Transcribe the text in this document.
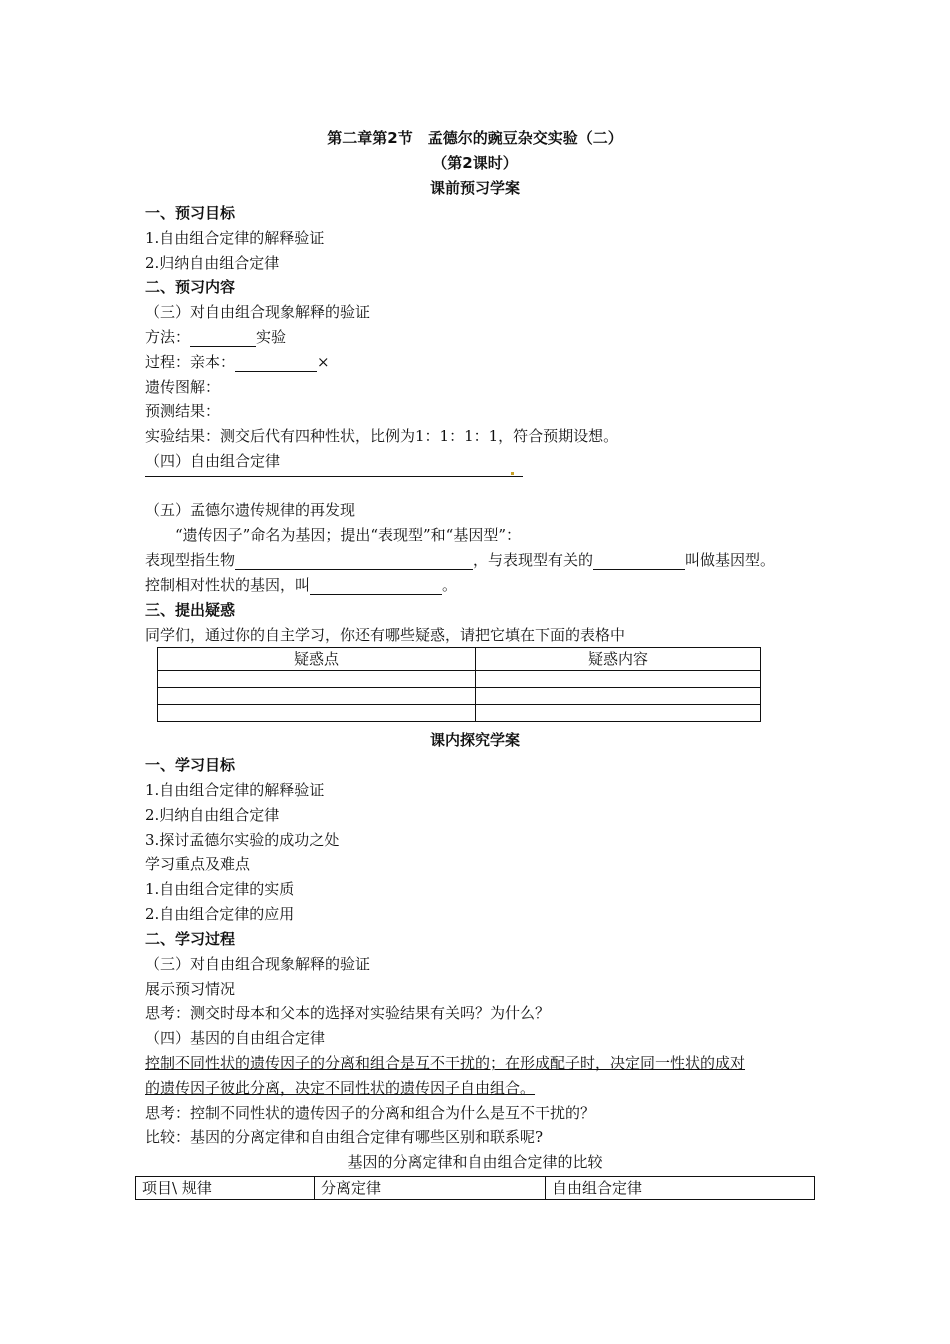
第二章第2节　孟德尔的豌豆杂交实验（二）
（第2课时）
课前预习学案
一、预习目标
1.自由组合定律的解释验证
2.归纳自由组合定律
二、预习内容
（三）对自由组合现象解释的验证
方法：	实验
过程：亲本：	×
遗传图解：
预测结果：
实验结果：测交后代有四种性状，比例为1：1：1：1，符合预期设想。
（四）自由组合定律
（五）孟德尔遗传规律的再发现
“遗传因子”命名为基因；提出“表现型”和“基因型”：
表现型指生物	，与表现型有关的	叫做基因型。
控制相对性状的基因，叫	。
三、提出疑惑
同学们，通过你的自主学习，你还有哪些疑惑，请把它填在下面的表格中
疑惑点	疑惑内容

课内探究学案
一、学习目标
1.自由组合定律的解释验证
2.归纳自由组合定律
3.探讨孟德尔实验的成功之处
学习重点及难点
1.自由组合定律的实质
2.自由组合定律的应用
二、学习过程
（三）对自由组合现象解释的验证
展示预习情况
思考：测交时母本和父本的选择对实验结果有关吗？为什么？
（四）基因的自由组合定律
控制不同性状的遗传因子的分离和组合是互不干扰的；在形成配子时，决定同一性状的成对
的遗传因子彼此分离，决定不同性状的遗传因子自由组合。
思考：控制不同性状的遗传因子的分离和组合为什么是互不干扰的？
比较：基因的分离定律和自由组合定律有哪些区别和联系呢?
基因的分离定律和自由组合定律的比较
项目\ 规律	分离定律	自由组合定律
